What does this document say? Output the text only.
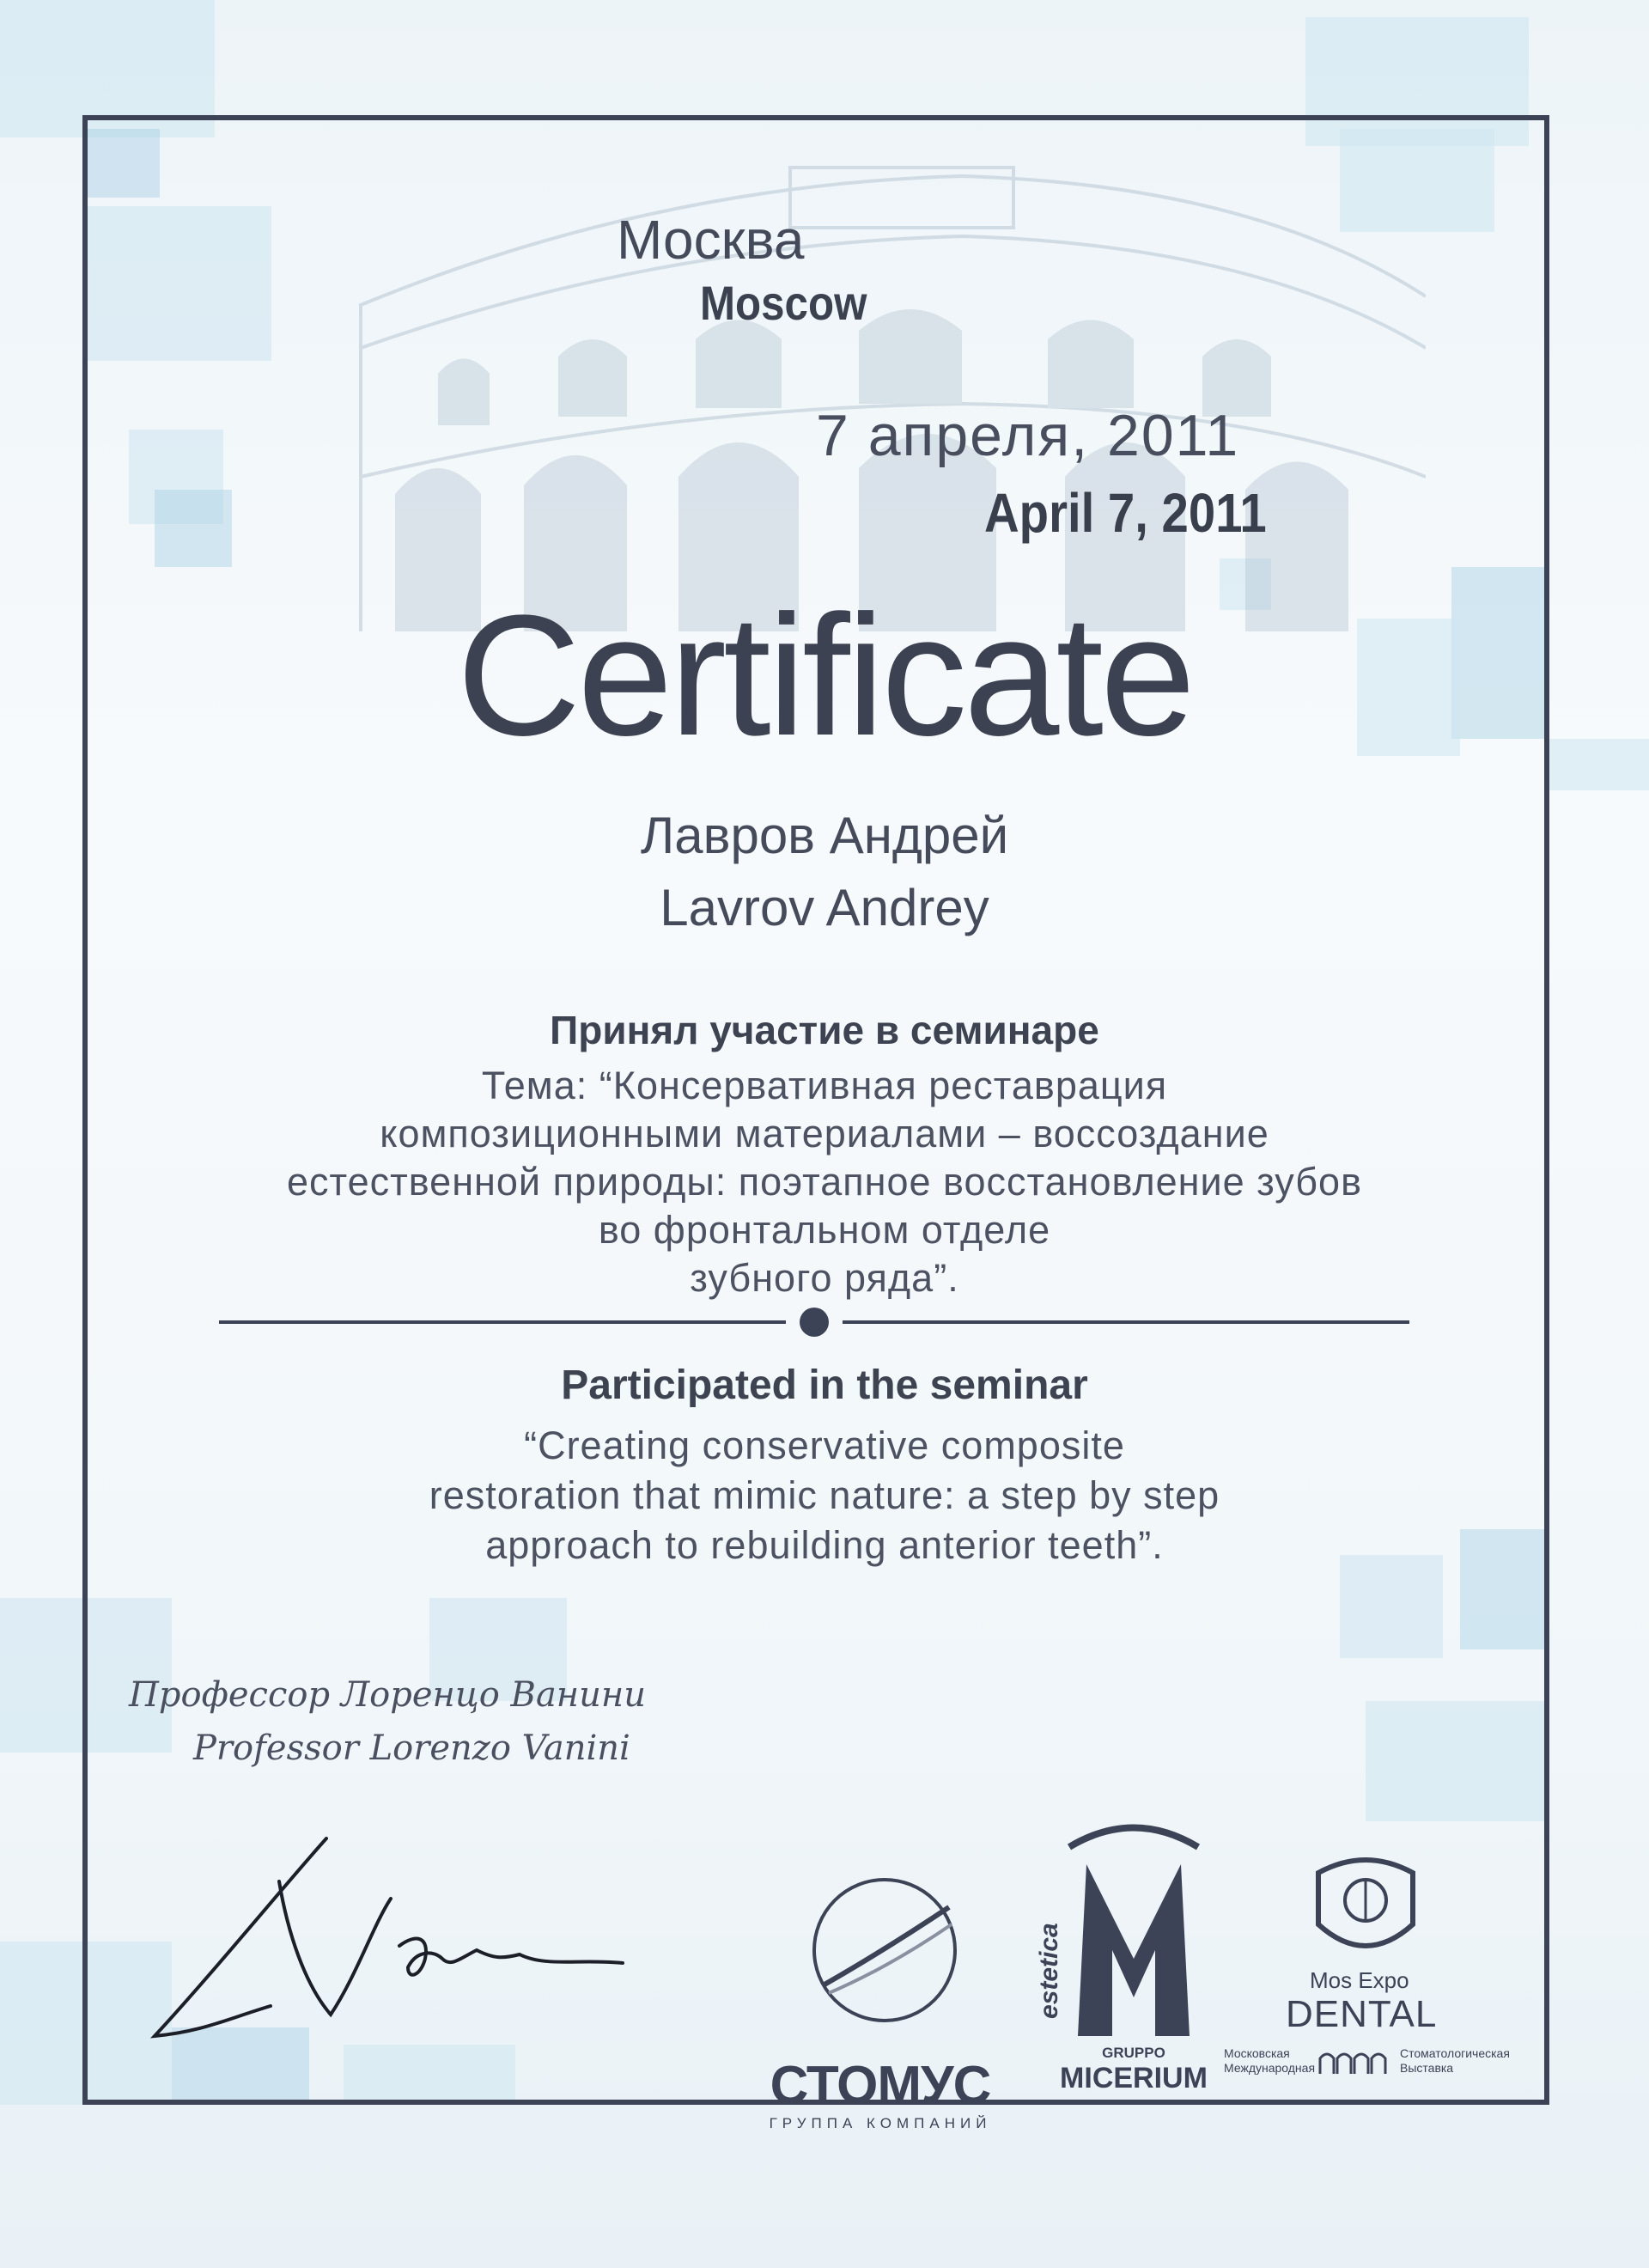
Москва
Moscow
7 апреля, 2011
April 7, 2011
Certificate
Лавров Андрей
Lavrov Andrey
Принял участие в семинаре
Тема: “Консервативная реставрация
композиционными материалами – воссоздание
естественной природы: поэтапное восстановление зубов
во фронтальном отделе
зубного ряда”.
Participated in the seminar
“Creating conservative composite
restoration that mimic nature: a step by step
approach to rebuilding anterior teeth”.
Профессор Лоренцо Ванини
Professor Lorenzo Vanini
СТОМУС
ГРУППА КОМПАНИЙ
estetica
GRUPPO
MICERIUM
Mos Expo
DENTAL
Московская Международная
Стоматологическая Выставка
